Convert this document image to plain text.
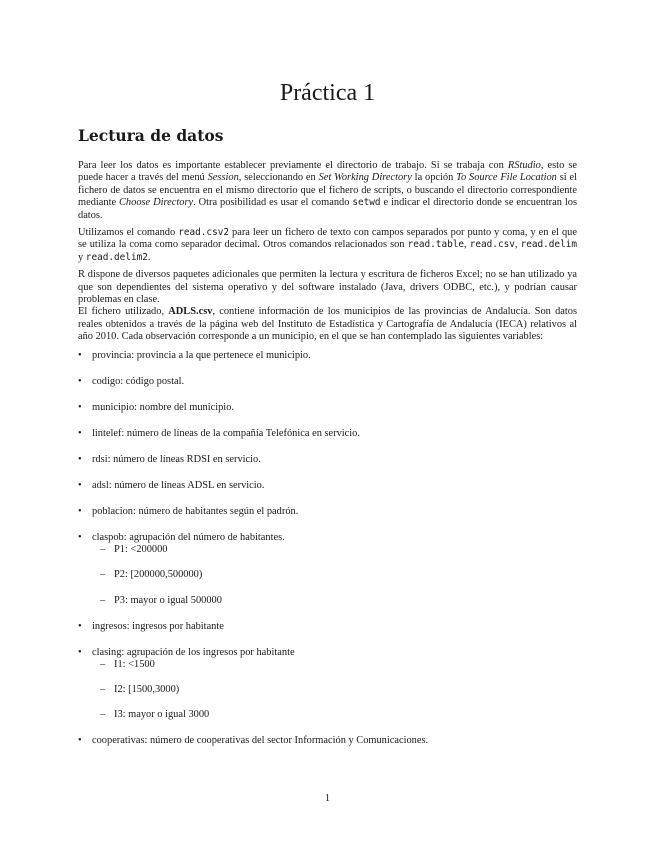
Práctica 1
Lectura de datos

Para leer los datos es importante establecer previamente el directorio de trabajo. Si se trabaja con RStudio, esto se puede hacer a través del menú Session, seleccionando en Set Working Directory la opción To Source File Location si el fichero de datos se encuentra en el mismo directorio que el fichero de scripts, o buscando el directorio correspondiente mediante Choose Directory. Otra posibilidad es usar el comando setwd e indicar el directorio donde se encuentran los datos.

Utilizamos el comando read.csv2 para leer un fichero de texto con campos separados por punto y coma, y en el que se utiliza la coma como separador decimal. Otros comandos relacionados son read.table, read.csv, read.delim y read.delim2.

R dispone de diversos paquetes adicionales que permiten la lectura y escritura de ficheros Excel; no se han utilizado ya que son dependientes del sistema operativo y del software instalado (Java, drivers ODBC, etc.), y podrían causar problemas en clase.

El fichero utilizado, ADLS.csv, contiene información de los municipios de las provincias de Andalucía. Son datos reales obtenidos a través de la página web del Instituto de Estadística y Cartografía de Andalucía (IECA) relativos al año 2010. Cada observación corresponde a un municipio, en el que se han contemplado las siguientes variables:

• provincia: provincia a la que pertenece el municipio.
• codigo: código postal.
• municipio: nombre del municipio.
• lintelef: número de líneas de la compañía Telefónica en servicio.
• rdsi: número de líneas RDSI en servicio.
• adsl: número de líneas ADSL en servicio.
• poblacion: número de habitantes según el padrón.
• claspob: agrupación del número de habitantes.
– P1: <200000
– P2: [200000,500000)
– P3: mayor o igual 500000
• ingresos: ingresos por habitante
• clasing: agrupación de los ingresos por habitante
– I1: <1500
– I2: [1500,3000)
– I3: mayor o igual 3000
• cooperativas: número de cooperativas del sector Información y Comunicaciones.
1
